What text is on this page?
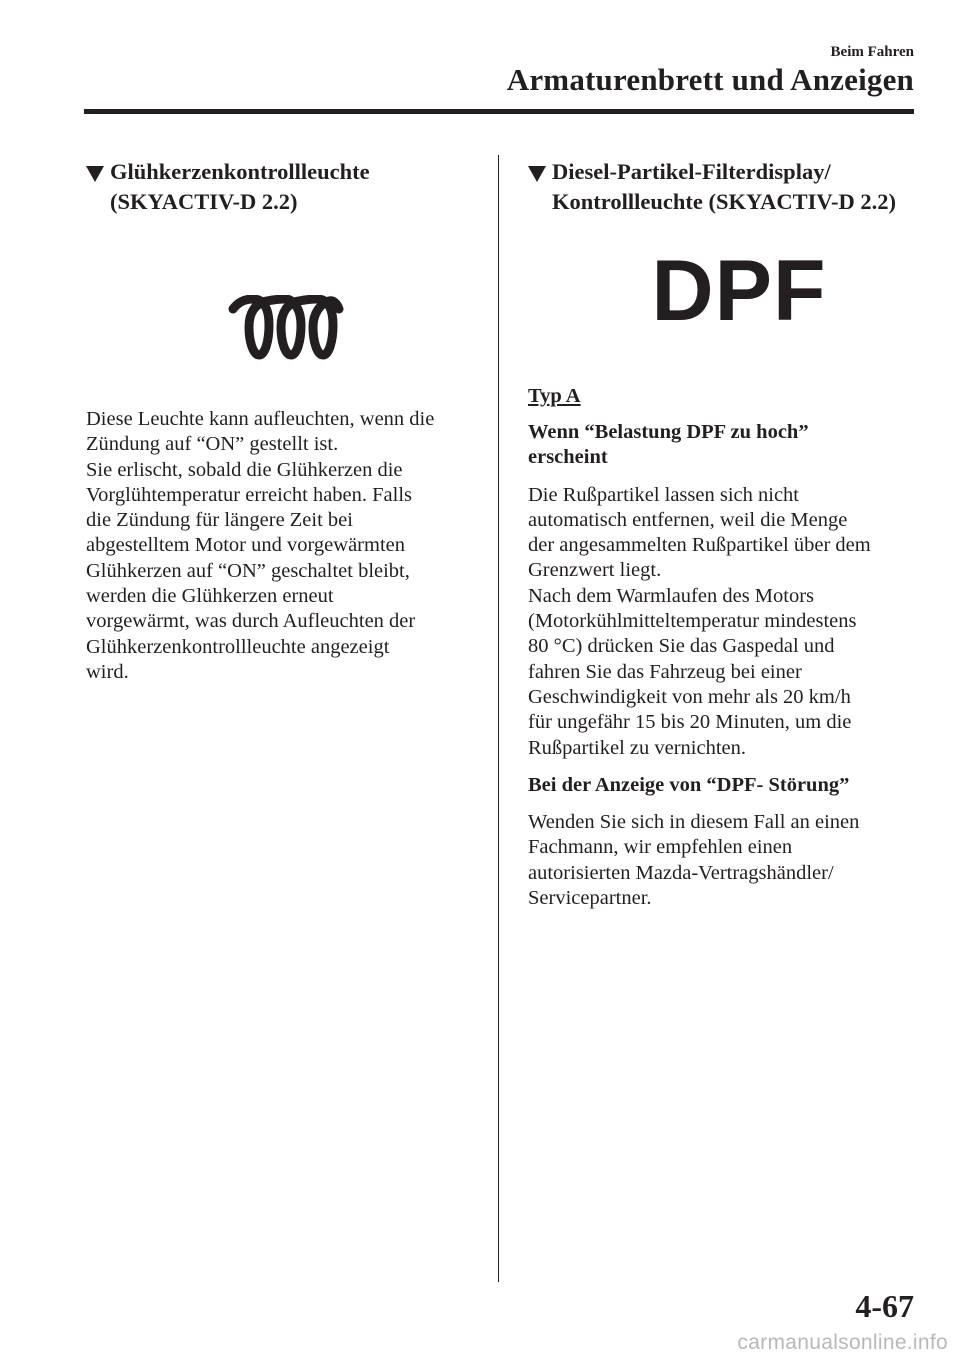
Beim Fahren
Armaturenbrett und Anzeigen
Glühkerzenkontrollleuchte
(SKYACTIV-D 2.2)

Diese Leuchte kann aufleuchten, wenn die
Zündung auf “ON” gestellt ist.
Sie erlischt, sobald die Glühkerzen die
Vorglühtemperatur erreicht haben. Falls
die Zündung für längere Zeit bei
abgestelltem Motor und vorgewärmten
Glühkerzen auf “ON” geschaltet bleibt,
werden die Glühkerzen erneut
vorgewärmt, was durch Aufleuchten der
Glühkerzenkontrollleuchte angezeigt
wird.

Diesel-Partikel-Filterdisplay/
Kontrollleuchte (SKYACTIV-D 2.2)
DPF
Typ A
Wenn “Belastung DPF zu hoch”
erscheint

Die Rußpartikel lassen sich nicht
automatisch entfernen, weil die Menge
der angesammelten Rußpartikel über dem
Grenzwert liegt.
Nach dem Warmlaufen des Motors
(Motorkühlmitteltemperatur mindestens
80 °C) drücken Sie das Gaspedal und
fahren Sie das Fahrzeug bei einer
Geschwindigkeit von mehr als 20 km/h
für ungefähr 15 bis 20 Minuten, um die
Rußpartikel zu vernichten.

Bei der Anzeige von “DPF- Störung”

Wenden Sie sich in diesem Fall an einen
Fachmann, wir empfehlen einen
autorisierten Mazda-Vertragshändler/
Servicepartner.

4-67
carmanualsonline.info
